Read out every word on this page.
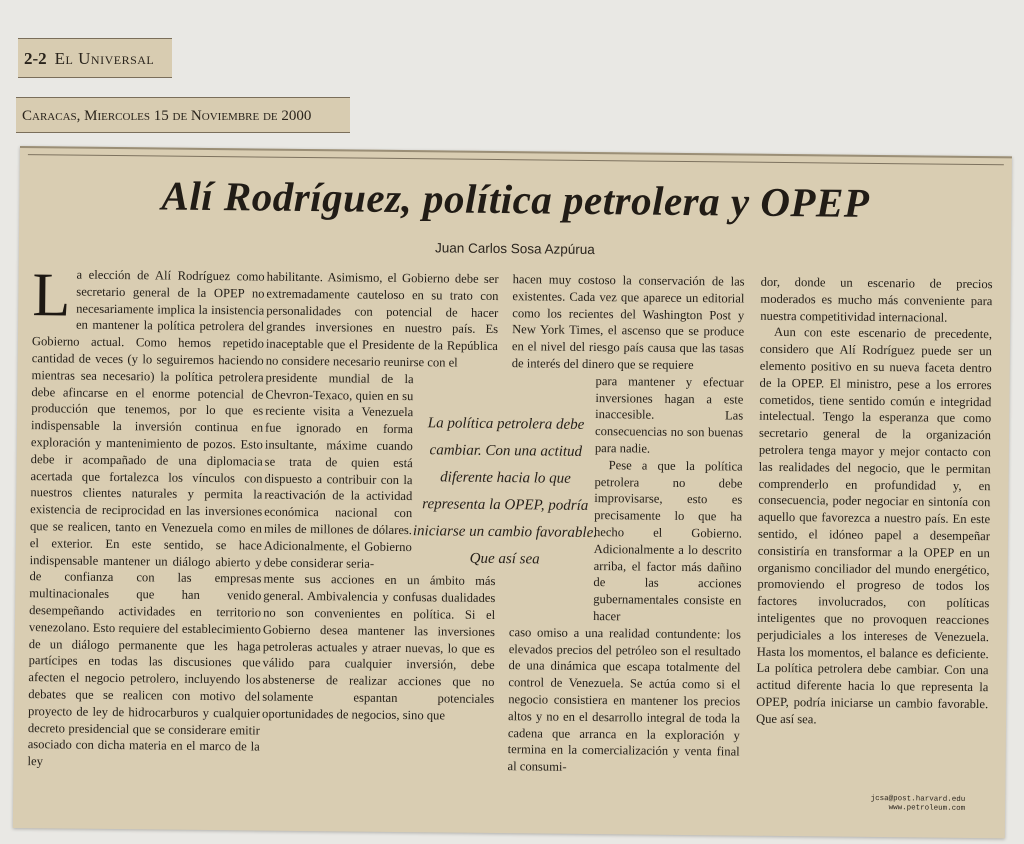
2-2 El Universal
Caracas, Miercoles 15 de Noviembre de 2000
Alí Rodríguez, política petrolera y OPEP
Juan Carlos Sosa Azpúrua

La elección de Alí Rodríguez como secretario general de la OPEP no necesariamente implica la insistencia en mantener la política petrolera del Gobierno actual. Como hemos repetido cantidad de veces (y lo seguiremos haciendo mientras sea necesario) la política petrolera debe afincarse en el enorme potencial de producción que tenemos, por lo que es indispensable la inversión continua en exploración y mantenimiento de pozos. Esto debe ir acompañado de una diplomacia acertada que fortalezca los vínculos con nuestros clientes naturales y permita la existencia de reciprocidad en las inversiones que se realicen, tanto en Venezuela como en el exterior. En este sentido, se hace indispensable mantener un diálogo abierto y de confianza con las empresas multinacionales que han venido desempeñando actividades en territorio venezolano. Esto requiere del establecimiento de un diálogo permanente que les haga partícipes en todas las discusiones que afecten el negocio petrolero, incluyendo los debates que se realicen con motivo del proyecto de ley de hidrocarburos y cualquier decreto presidencial que se considerare emitir asociado con dicha materia en el marco de la ley

habilitante. Asimismo, el Gobierno debe ser extremadamente cauteloso en su trato con personalidades con potencial de hacer grandes inversiones en nuestro país. Es inaceptable que el Presidente de la República no considere necesario reunirse con el

presidente mundial de la Chevron-Texaco, quien en su reciente visita a Venezuela fue ignorado en forma insultante, máxime cuando se trata de quien está dispuesto a contribuir con la reactivación de la actividad económica nacional con miles de millones de dólares. Adicionalmente, el Gobierno debe considerar seria-

mente sus acciones en un ámbito más general. Ambivalencia y confusas dualidades no son convenientes en política. Si el Gobierno desea mantener las inversiones petroleras actuales y atraer nuevas, lo que es válido para cualquier inversión, debe abstenerse de realizar acciones que no solamente espantan potenciales oportunidades de negocios, sino que

hacen muy costoso la conservación de las existentes. Cada vez que aparece un editorial como los recientes del Washington Post y New York Times, el ascenso que se produce en el nivel del riesgo país causa que las tasas de interés del dinero que se requiere

para mantener y efectuar inversiones hagan a este inaccesible. Las consecuencias no son buenas para nadie.

Pese a que la política petrolera no debe improvisarse, esto es precisamente lo que ha hecho el Gobierno. Adicionalmente a lo descrito arriba, el factor más dañino de las acciones gubernamentales consiste en hacer

caso omiso a una realidad contundente: los elevados precios del petróleo son el resultado de una dinámica que escapa totalmente del control de Venezuela. Se actúa como si el negocio consistiera en mantener los precios altos y no en el desarrollo integral de toda la cadena que arranca en la exploración y termina en la comercialización y venta final al consumi-

dor, donde un escenario de precios moderados es mucho más conveniente para nuestra competitividad internacional.

Aun con este escenario de precedente, considero que Alí Rodríguez puede ser un elemento positivo en su nueva faceta dentro de la OPEP. El ministro, pese a los errores cometidos, tiene sentido común e integridad intelectual. Tengo la esperanza que como secretario general de la organización petrolera tenga mayor y mejor contacto con las realidades del negocio, que le permitan comprenderlo en profundidad y, en consecuencia, poder negociar en sintonía con aquello que favorezca a nuestro país. En este sentido, el idóneo papel a desempeñar consistiría en transformar a la OPEP en un organismo conciliador del mundo energético, promoviendo el progreso de todos los factores involucrados, con políticas inteligentes que no provoquen reacciones perjudiciales a los intereses de Venezuela. Hasta los momentos, el balance es deficiente. La política petrolera debe cambiar. Con una actitud diferente hacia lo que representa la OPEP, podría iniciarse un cambio favorable. Que así sea.

La política petrolera debe cambiar. Con una actitud diferente hacia lo que representa la OPEP, podría iniciarse un cambio favorable. Que así sea
jcsa@post.harvard.edu
www.petroleum.com
